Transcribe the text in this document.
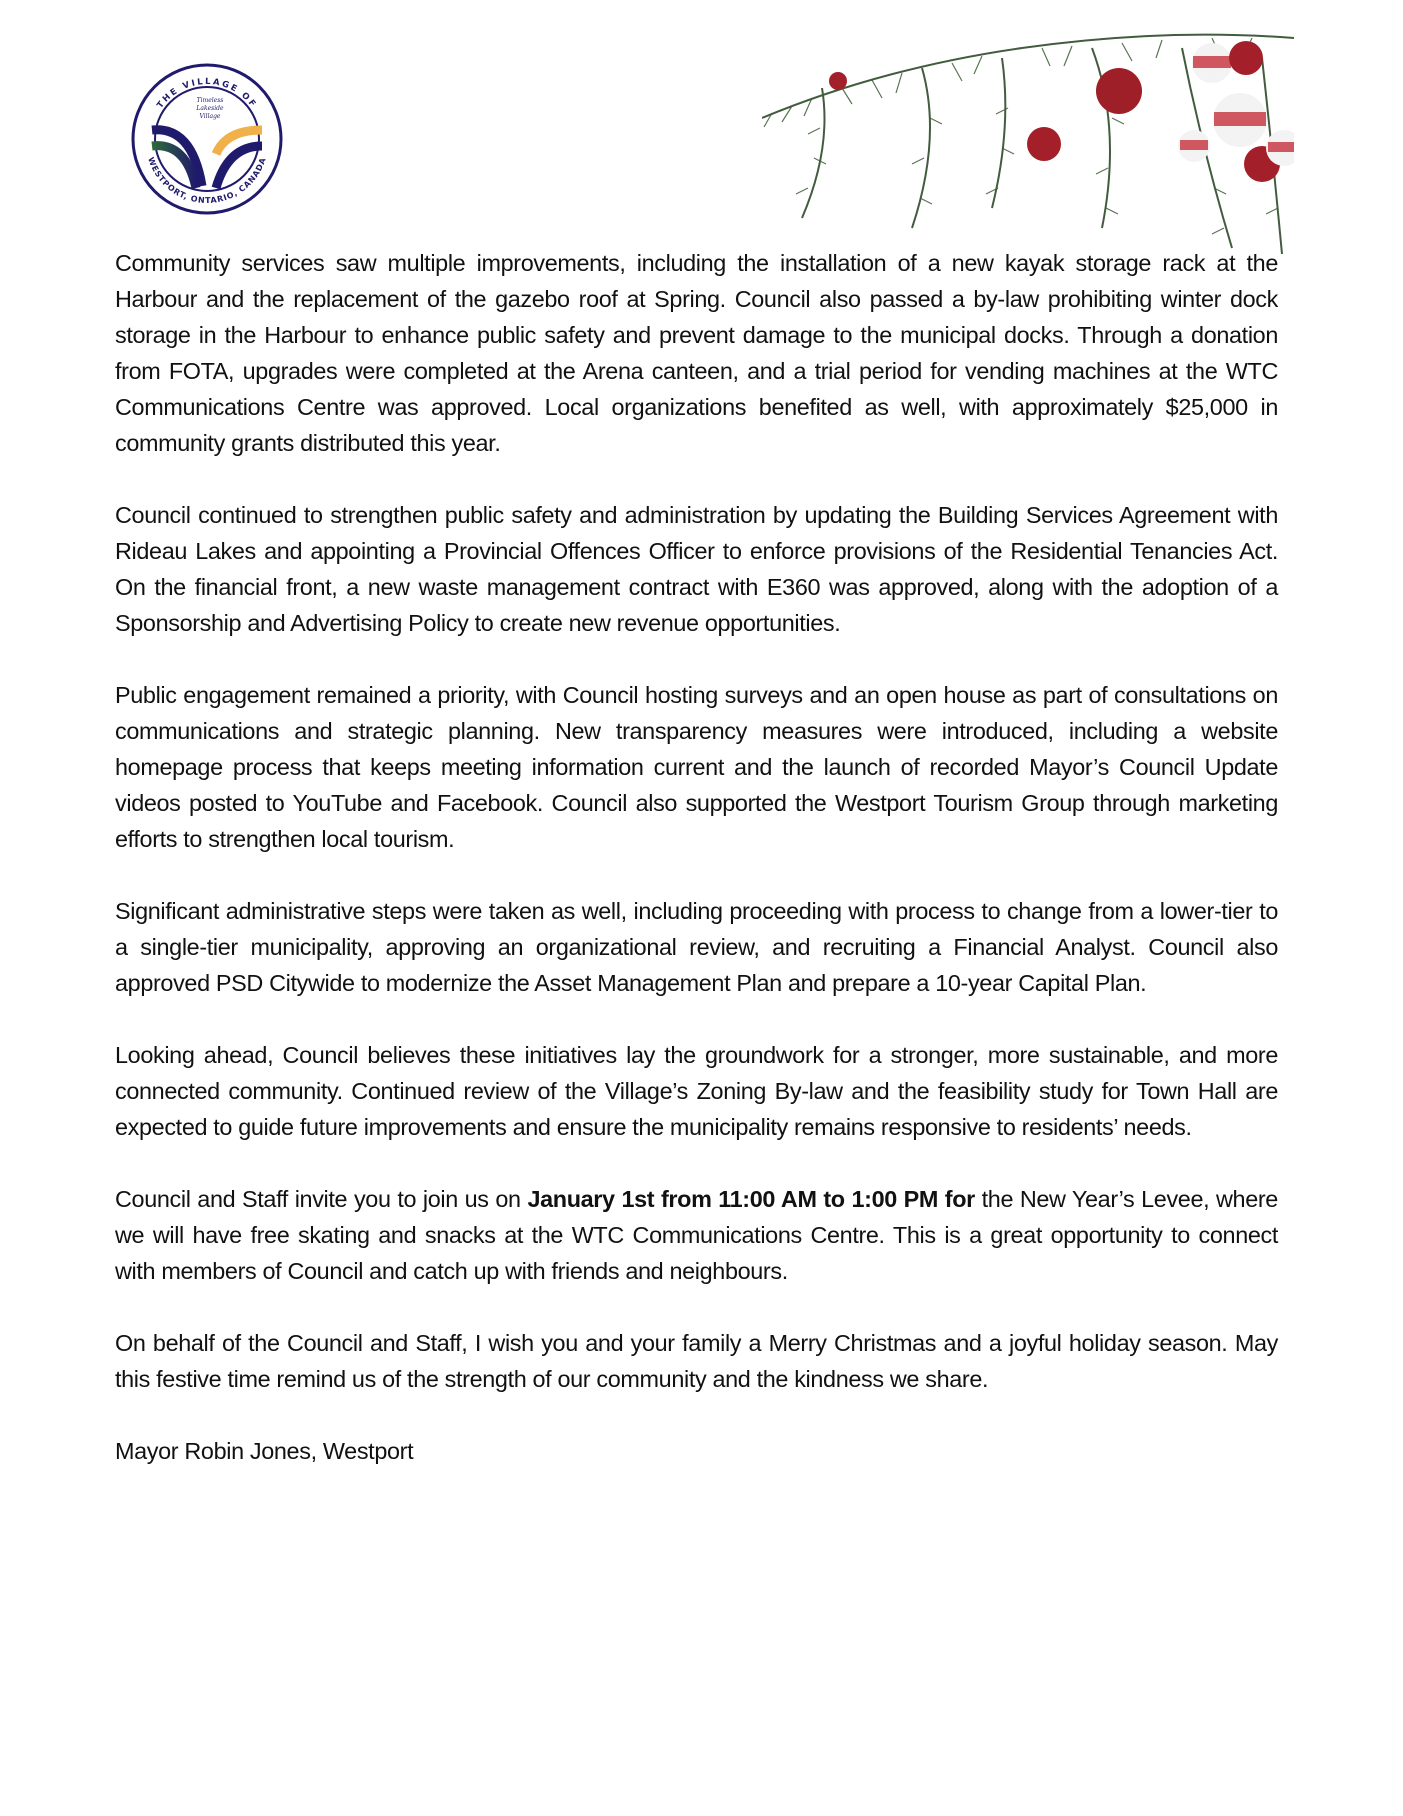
THE VILLAGE OF
WESTPORT, ONTARIO, CANADA
Timeless
Lakeside
Village

Community services saw multiple improvements, including the installation of a new kayak storage rack at the Harbour and the replacement of the gazebo roof at Spring. Council also passed a by-law prohibiting winter dock storage in the Harbour to enhance public safety and prevent damage to the municipal docks. Through a donation from FOTA, upgrades were completed at the Arena canteen, and a trial period for vending machines at the WTC Communications Centre was approved. Local organizations benefited as well, with approximately $25,000 in community grants distributed this year.

Council continued to strengthen public safety and administration by updating the Building Services Agreement with Rideau Lakes and appointing a Provincial Offences Officer to enforce provisions of the Residential Tenancies Act. On the financial front, a new waste management contract with E360 was approved, along with the adoption of a Sponsorship and Advertising Policy to create new revenue opportunities.

Public engagement remained a priority, with Council hosting surveys and an open house as part of consultations on communications and strategic planning. New transparency measures were introduced, including a website homepage process that keeps meeting information current and the launch of recorded Mayor’s Council Update videos posted to YouTube and Facebook. Council also supported the Westport Tourism Group through marketing efforts to strengthen local tourism.

Significant administrative steps were taken as well, including proceeding with process to change from a lower-tier to a single-tier municipality, approving an organizational review, and recruiting a Financial Analyst. Council also approved PSD Citywide to modernize the Asset Management Plan and prepare a 10-year Capital Plan.

Looking ahead, Council believes these initiatives lay the groundwork for a stronger, more sustainable, and more connected community. Continued review of the Village’s Zoning By-law and the feasibility study for Town Hall are expected to guide future improvements and ensure the municipality remains responsive to residents’ needs.

Council and Staff invite you to join us on January 1st from 11:00 AM to 1:00 PM for the New Year’s Levee, where we will have free skating and snacks at the WTC Communications Centre. This is a great opportunity to connect with members of Council and catch up with friends and neighbours.

On behalf of the Council and Staff, I wish you and your family a Merry Christmas and a joyful holiday season. May this festive time remind us of the strength of our community and the kindness we share.

Mayor Robin Jones, Westport
